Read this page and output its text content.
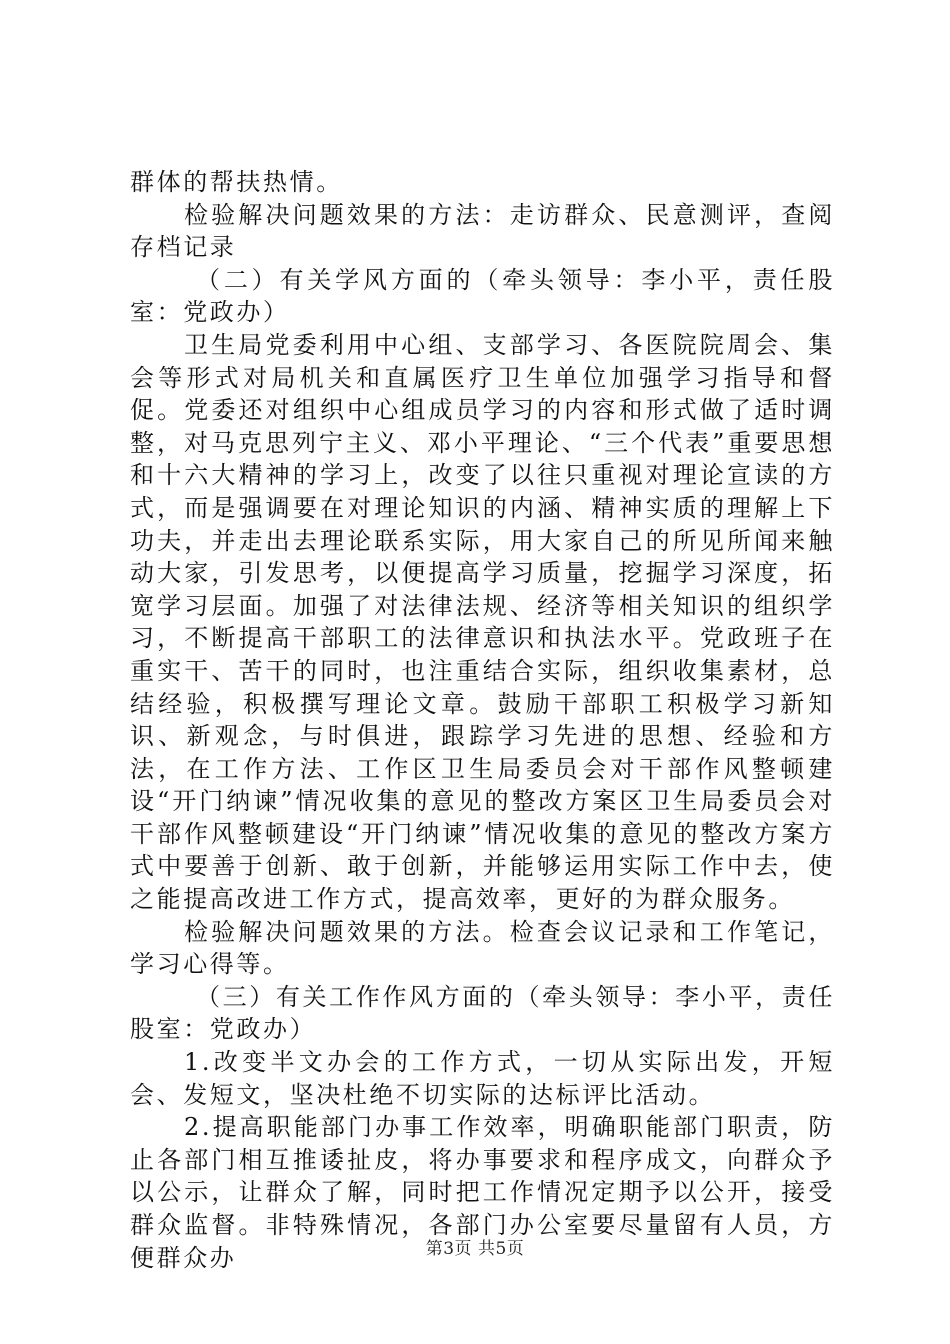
群体的帮扶热情。

检验解决问题效果的方法：走访群众、民意测评，查阅存档记录

（二）有关学风方面的（牵头领导：李小平，责任股室：党政办）

卫生局党委利用中心组、支部学习、各医院院周会、集会等形式对局机关和直属医疗卫生单位加强学习指导和督促。党委还对组织中心组成员学习的内容和形式做了适时调整，对马克思列宁主义、邓小平理论、“三个代表”重要思想和十六大精神的学习上，改变了以往只重视对理论宣读的方式，而是强调要在对理论知识的内涵、精神实质的理解上下功夫，并走出去理论联系实际，用大家自己的所见所闻来触动大家，引发思考，以便提高学习质量，挖掘学习深度，拓宽学习层面。加强了对法律法规、经济等相关知识的组织学习，不断提高干部职工的法律意识和执法水平。党政班子在重实干、苦干的同时，也注重结合实际，组织收集素材，总结经验，积极撰写理论文章。鼓励干部职工积极学习新知识、新观念，与时俱进，跟踪学习先进的思想、经验和方法，在工作方法、工作区卫生局委员会对干部作风整顿建设“开门纳谏”情况收集的意见的整改方案区卫生局委员会对干部作风整顿建设“开门纳谏”情况收集的意见的整改方案方式中要善于创新、敢于创新，并能够运用实际工作中去，使之能提高改进工作方式，提高效率，更好的为群众服务。

检验解决问题效果的方法。检查会议记录和工作笔记，学习心得等。

（三）有关工作作风方面的（牵头领导：李小平，责任股室：党政办）

1.改变半文办会的工作方式，一切从实际出发，开短会、发短文，坚决杜绝不切实际的达标评比活动。

2.提高职能部门办事工作效率，明确职能部门职责，防止各部门相互推诿扯皮，将办事要求和程序成文，向群众予以公示，让群众了解，同时把工作情况定期予以公开，接受群众监督。非特殊情况，各部门办公室要尽量留有人员，方便群众办	第3页 共5页
